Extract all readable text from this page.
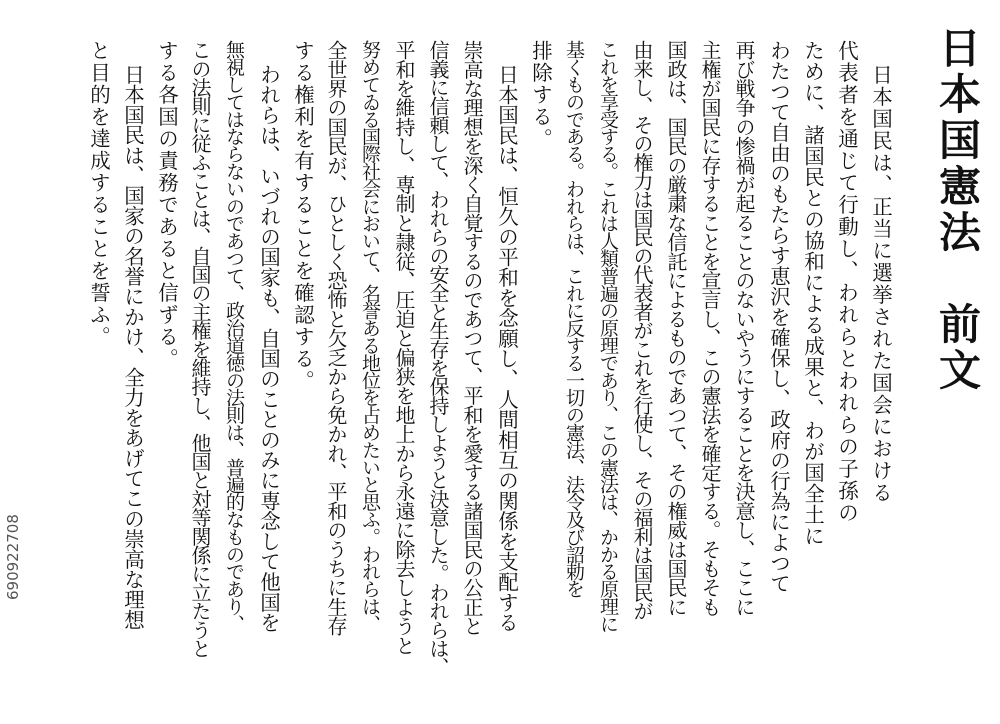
日本国憲法
前文
日本国民は、正当に選挙された国会における
代表者を通じて行動し、われらとわれらの子孫の
ために、諸国民との協和による成果と、わが国全土に
わたつて自由のもたらす恵沢を確保し、政府の行為によつて
再び戦争の惨禍が起ることのないやうにすることを決意し、ここに
主権が国民に存することを宣言し、この憲法を確定する。そもそも
国政は、国民の厳粛な信託によるものであつて、その権威は国民に
由来し、その権力は国民の代表者がこれを行使し、その福利は国民が
これを享受する。これは人類普遍の原理であり、この憲法は、かかる原理に
基くものである。われらは、これに反する一切の憲法、法令及び詔勅を
排除する。
日本国民は、恒久の平和を念願し、人間相互の関係を支配する
崇高な理想を深く自覚するのであつて、平和を愛する諸国民の公正と
信義に信頼して、われらの安全と生存を保持しようと決意した。われらは、
平和を維持し、専制と隷従、圧迫と偏狭を地上から永遠に除去しようと
努めてゐる国際社会において、名誉ある地位を占めたいと思ふ。われらは、
全世界の国民が、ひとしく恐怖と欠乏から免かれ、平和のうちに生存
する権利を有することを確認する。
われらは、いづれの国家も、自国のことのみに専念して他国を
無視してはならないのであつて、政治道徳の法則は、普遍的なものであり、
この法則に従ふことは、自国の主権を維持し、他国と対等関係に立たうと
する各国の責務であると信ずる。
日本国民は、国家の名誉にかけ、全力をあげてこの崇高な理想
と目的を達成することを誓ふ。
690922708
